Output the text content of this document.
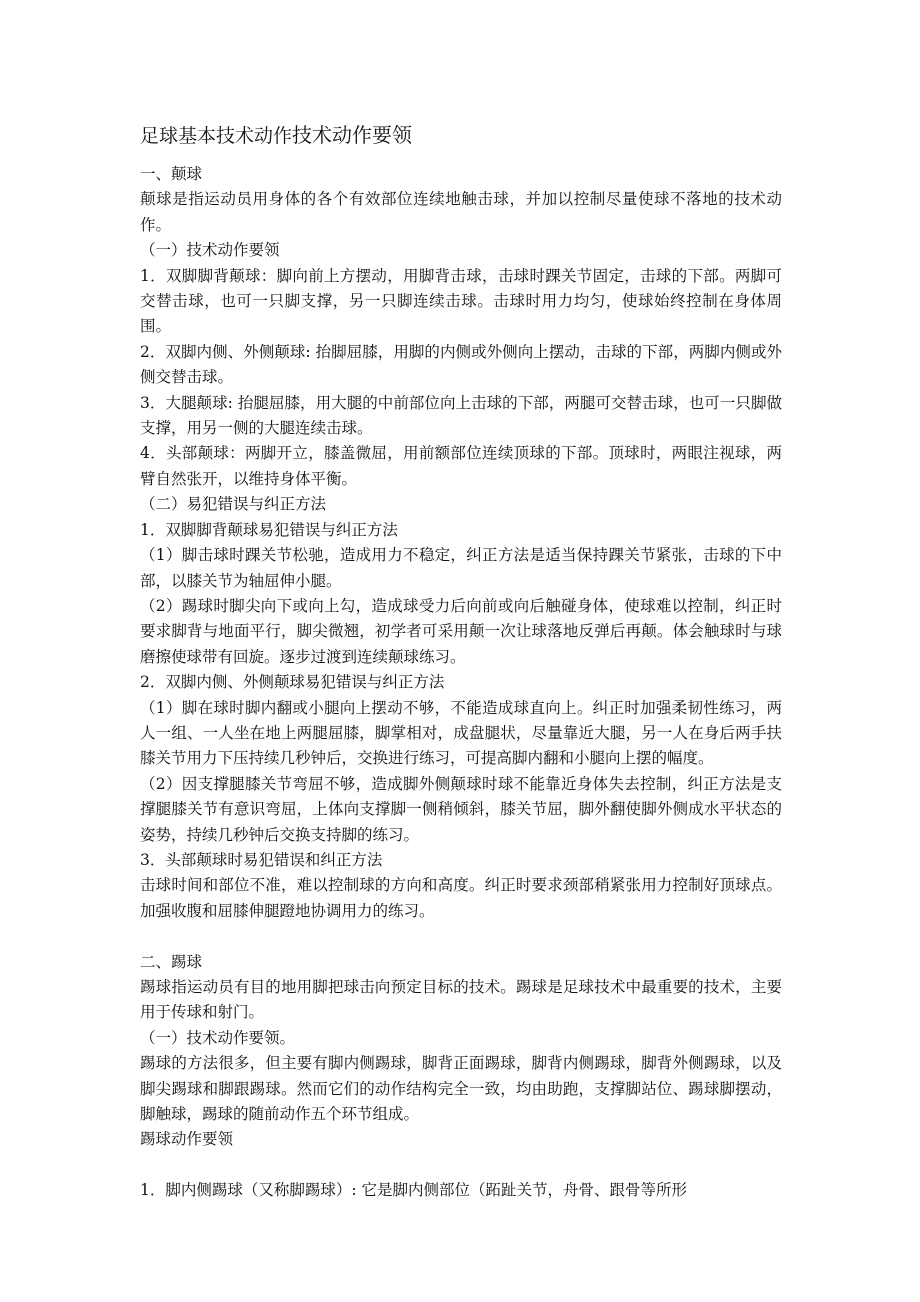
足球基本技术动作技术动作要领

一、颠球

颠球是指运动员用身体的各个有效部位连续地触击球，并加以控制尽量使球不落地的技术动作。

（一）技术动作要领

1．双脚脚背颠球：脚向前上方摆动，用脚背击球，击球时踝关节固定，击球的下部。两脚可交替击球，也可一只脚支撑，另一只脚连续击球。击球时用力均匀，使球始终控制在身体周围。

2．双脚内侧、外侧颠球: 抬脚屈膝，用脚的内侧或外侧向上摆动，击球的下部，两脚内侧或外侧交替击球。

3．大腿颠球: 抬腿屈膝，用大腿的中前部位向上击球的下部，两腿可交替击球，也可一只脚做支撑，用另一侧的大腿连续击球。

4．头部颠球：两脚开立，膝盖微屈，用前额部位连续顶球的下部。顶球时，两眼注视球，两臂自然张开，以维持身体平衡。

（二）易犯错误与纠正方法

1．双脚脚背颠球易犯错误与纠正方法

（1）脚击球时踝关节松驰，造成用力不稳定，纠正方法是适当保持踝关节紧张，击球的下中部，以膝关节为轴屈伸小腿。

（2）踢球时脚尖向下或向上勾，造成球受力后向前或向后触碰身体，使球难以控制，纠正时要求脚背与地面平行，脚尖微翘，初学者可采用颠一次让球落地反弹后再颠。体会触球时与球磨擦使球带有回旋。逐步过渡到连续颠球练习。

2．双脚内侧、外侧颠球易犯错误与纠正方法

（1）脚在球时脚内翻或小腿向上摆动不够，不能造成球直向上。纠正时加强柔韧性练习，两人一组、一人坐在地上两腿屈膝，脚掌相对，成盘腿状，尽量靠近大腿，另一人在身后两手扶膝关节用力下压持续几秒钟后，交换进行练习，可提高脚内翻和小腿向上摆的幅度。

（2）因支撑腿膝关节弯屈不够，造成脚外侧颠球时球不能靠近身体失去控制，纠正方法是支撑腿膝关节有意识弯屈，上体向支撑脚一侧稍倾斜，膝关节屈，脚外翻使脚外侧成水平状态的姿势，持续几秒钟后交换支持脚的练习。

3．头部颠球时易犯错误和纠正方法

击球时间和部位不准，难以控制球的方向和高度。纠正时要求颈部稍紧张用力控制好顶球点。加强收腹和屈膝伸腿蹬地协调用力的练习。

二、踢球

踢球指运动员有目的地用脚把球击向预定目标的技术。踢球是足球技术中最重要的技术，主要用于传球和射门。

（一）技术动作要领。

踢球的方法很多，但主要有脚内侧踢球，脚背正面踢球，脚背内侧踢球，脚背外侧踢球，以及脚尖踢球和脚跟踢球。然而它们的动作结构完全一致，均由助跑，支撑脚站位、踢球脚摆动，脚触球，踢球的随前动作五个环节组成。

踢球动作要领

1．脚内侧踢球（又称脚踢球）: 它是脚内侧部位（跖趾关节，舟骨、跟骨等所形
